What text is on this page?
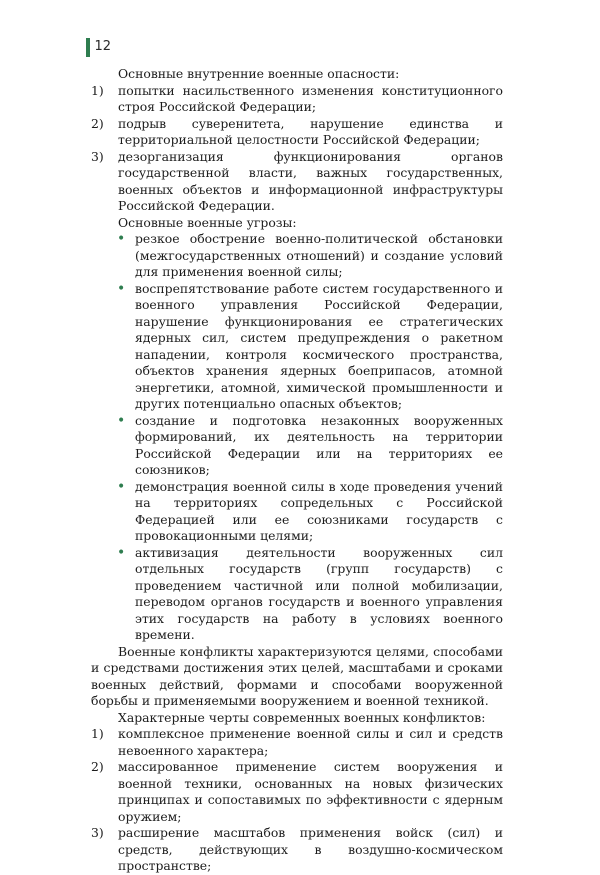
12
Основные внутренние военные опасности:
1) попытки насильственного изменения конституционного строя Российской Федерации;
2) подрыв суверенитета, нарушение единства и территориальной целостности Российской Федерации;
3) дезорганизация функционирования органов государственной власти, важных государственных, военных объектов и информационной инфраструктуры Российской Федерации.
Основные военные угрозы:
• резкое обострение военно-политической обстановки (межгосударственных отношений) и создание условий для применения военной силы;
• воспрепятствование работе систем государственного и военного управления Российской Федерации, нарушение функционирования ее стратегических ядерных сил, систем предупреждения о ракетном нападении, контроля космического пространства, объектов хранения ядерных боеприпасов, атомной энергетики, атомной, химической промышленности и других потенциально опасных объектов;
• создание и подготовка незаконных вооруженных формирований, их деятельность на территории Российской Федерации или на территориях ее союзников;
• демонстрация военной силы в ходе проведения учений на территориях сопредельных с Российской Федерацией или ее союзниками государств с провокационными целями;
• активизация деятельности вооруженных сил отдельных государств (групп государств) с проведением частичной или полной мобилизации, переводом органов государств и военного управления этих государств на работу в условиях военного времени.
Военные конфликты характеризуются целями, способами и средствами достижения этих целей, масштабами и сроками военных действий, формами и способами вооруженной борьбы и применяемыми вооружением и военной техникой.
Характерные черты современных военных конфликтов:
1) комплексное применение военной силы и сил и средств невоенного характера;
2) массированное применение систем вооружения и военной техники, основанных на новых физических принципах и сопоставимых по эффективности с ядерным оружием;
3) расширение масштабов применения войск (сил) и средств, действующих в воздушно-космическом пространстве;
